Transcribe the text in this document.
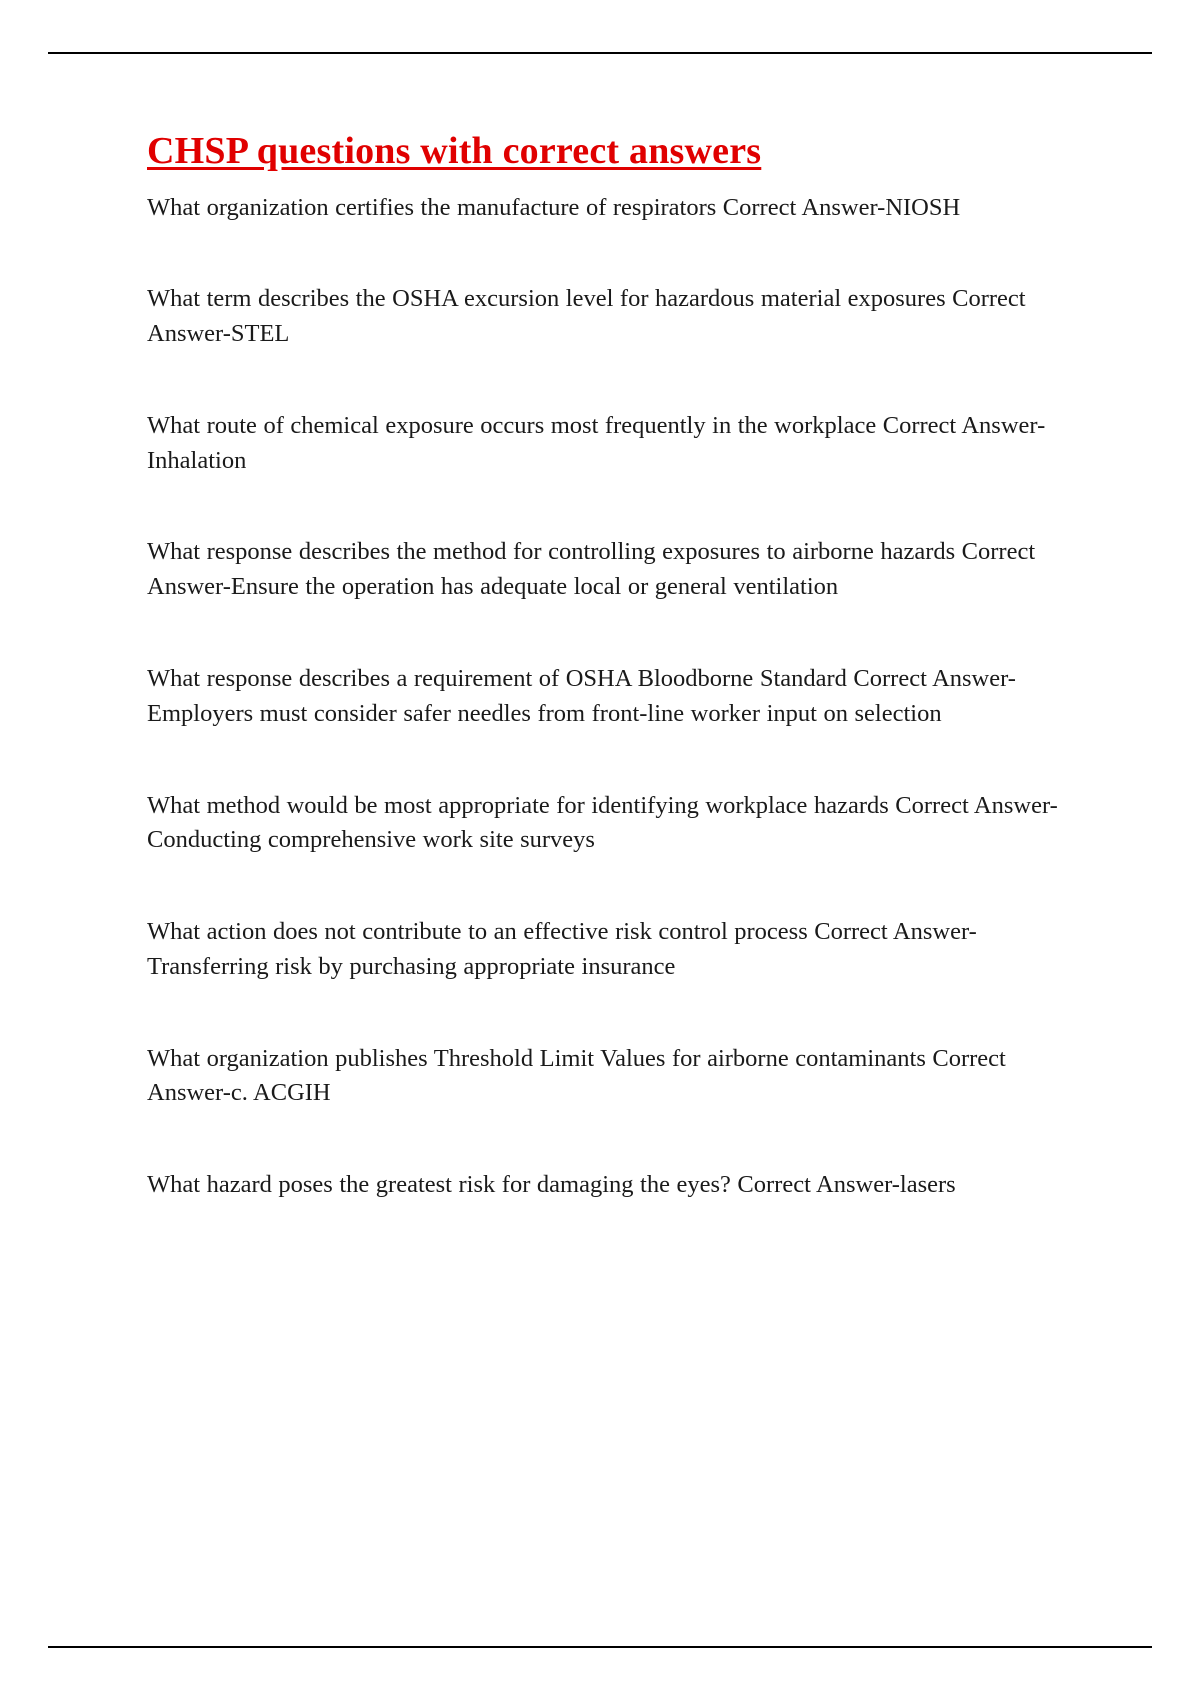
CHSP questions with correct answers

What organization certifies the manufacture of respirators Correct Answer-NIOSH

What term describes the OSHA excursion level for hazardous material exposures Correct Answer-STEL

What route of chemical exposure occurs most frequently in the workplace Correct Answer-Inhalation

What response describes the method for controlling exposures to airborne hazards Correct Answer-Ensure the operation has adequate local or general ventilation

What response describes a requirement of OSHA Bloodborne Standard Correct Answer-Employers must consider safer needles from front-line worker input on selection

What method would be most appropriate for identifying workplace hazards Correct Answer-Conducting comprehensive work site surveys

What action does not contribute to an effective risk control process Correct Answer-Transferring risk by purchasing appropriate insurance

What organization publishes Threshold Limit Values for airborne contaminants Correct Answer-c. ACGIH

What hazard poses the greatest risk for damaging the eyes? Correct Answer-lasers
